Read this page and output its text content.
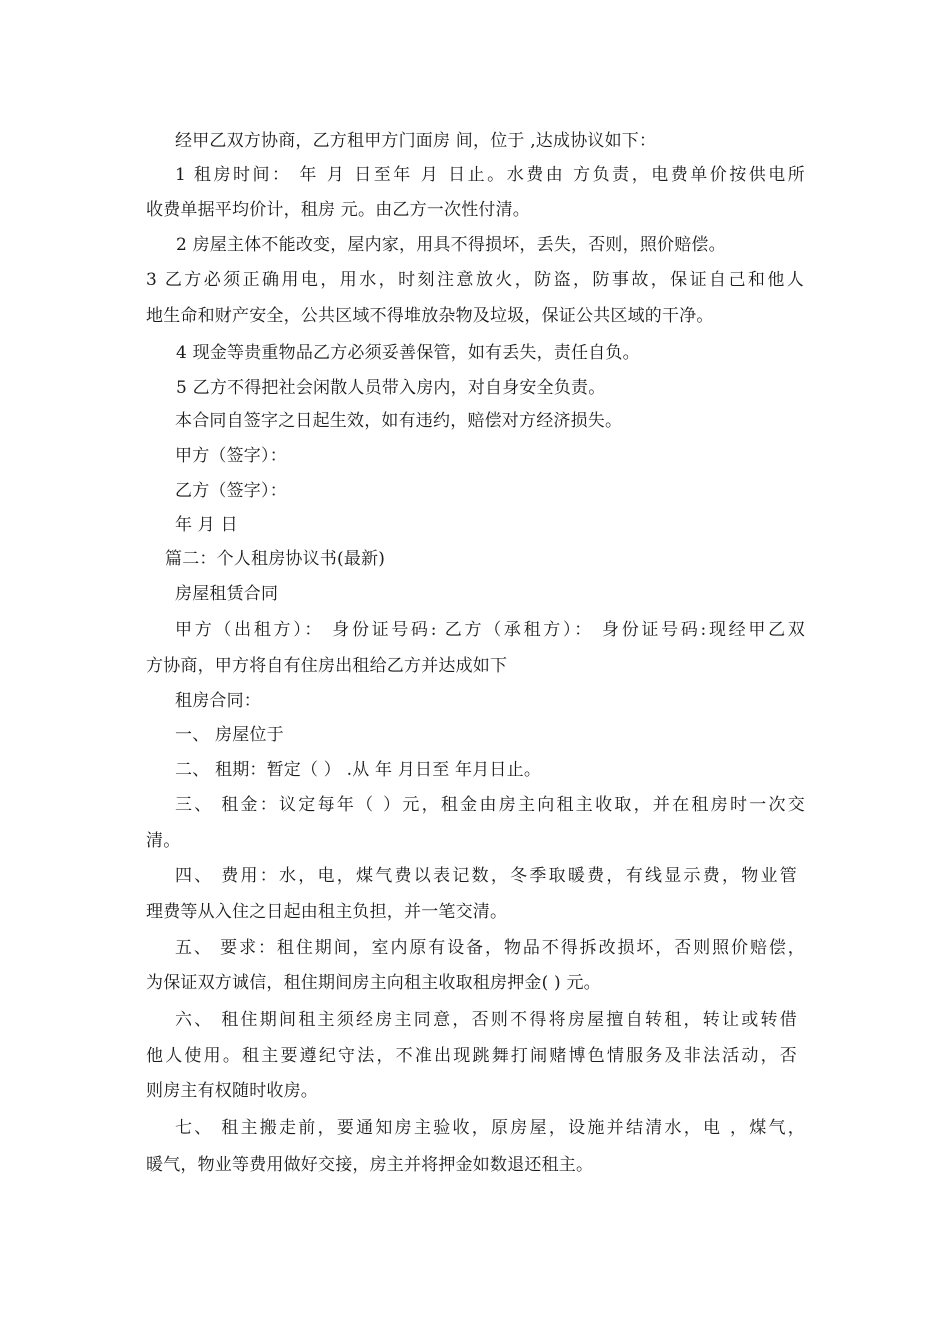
经甲乙双方协商，乙方租甲方门面房 间，位于 ,达成协议如下：
1 租房时间： 年 月 日至年 月 日止。水费由 方负责，电费单价按供电所
收费单据平均价计，租房 元。由乙方一次性付清。
2 房屋主体不能改变，屋内家，用具不得损坏，丢失，否则，照价赔偿。
3 乙方必须正确用电，用水，时刻注意放火，防盗，防事故，保证自己和他人
地生命和财产安全，公共区域不得堆放杂物及垃圾，保证公共区域的干净。
4 现金等贵重物品乙方必须妥善保管，如有丢失，责任自负。
5 乙方不得把社会闲散人员带入房内，对自身安全负责。
本合同自签字之日起生效，如有违约，赔偿对方经济损失。
甲方（签字）：
乙方（签字）：
年 月 日
篇二：个人租房协议书(最新)
房屋租赁合同
甲方（出租方）： 身份证号码: 乙方（承租方）： 身份证号码:现经甲乙双
方协商，甲方将自有住房出租给乙方并达成如下
租房合同：
一、 房屋位于
二、 租期：暂定（ ） .从 年 月日至 年月日止。
三、 租金：议定每年（ ）元，租金由房主向租主收取，并在租房时一次交
清。
四、 费用：水，电，煤气费以表记数，冬季取暖费，有线显示费，物业管
理费等从入住之日起由租主负担，并一笔交清。
五、 要求：租住期间，室内原有设备，物品不得拆改损坏，否则照价赔偿，
为保证双方诚信，租住期间房主向租主收取租房押金( ) 元。
六、 租住期间租主须经房主同意，否则不得将房屋擅自转租，转让或转借
他人使用。租主要遵纪守法，不准出现跳舞打闹赌博色情服务及非法活动，否
则房主有权随时收房。
七、 租主搬走前，要通知房主验收，原房屋，设施并结清水，电 ，煤气，
暖气，物业等费用做好交接，房主并将押金如数退还租主。
